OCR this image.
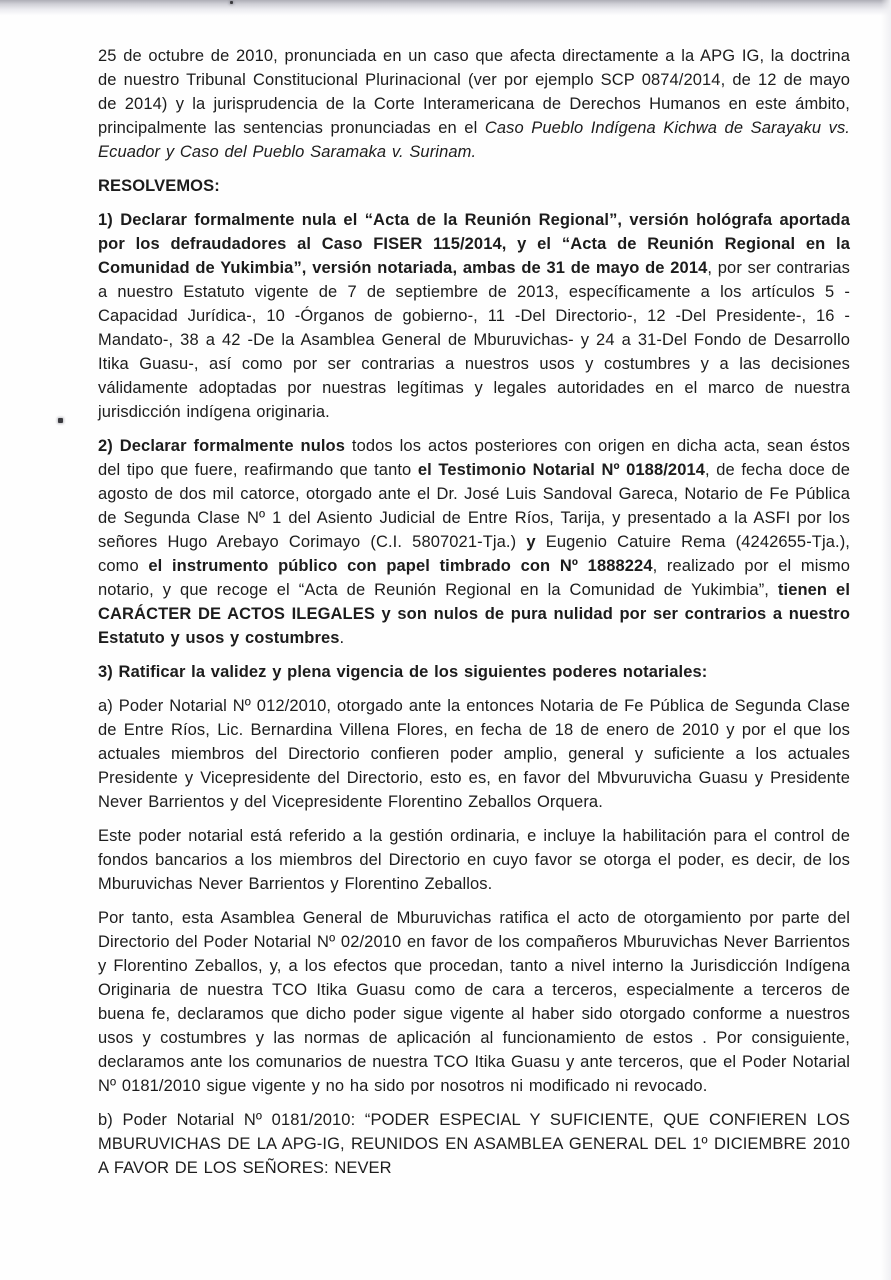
25 de octubre de 2010, pronunciada en un caso que afecta directamente a la APG IG, la doctrina de nuestro Tribunal Constitucional Plurinacional (ver por ejemplo SCP 0874/2014, de 12 de mayo de 2014) y la jurisprudencia de la Corte Interamericana de Derechos Humanos en este ámbito, principalmente las sentencias pronunciadas en el Caso Pueblo Indígena Kichwa de Sarayaku vs. Ecuador y Caso del Pueblo Saramaka v. Surinam.

RESOLVEMOS:

1) Declarar formalmente nula el “Acta de la Reunión Regional”, versión hológrafa aportada por los defraudadores al Caso FISER 115/2014, y el “Acta de Reunión Regional en la Comunidad de Yukimbia”, versión notariada, ambas de 31 de mayo de 2014, por ser contrarias a nuestro Estatuto vigente de 7 de septiembre de 2013, específicamente a los artículos 5 -Capacidad Jurídica-, 10 -Órganos de gobierno-, 11 -Del Directorio-, 12 -Del Presidente-, 16 -Mandato-, 38 a 42 -De la Asamblea General de Mburuvichas- y 24 a 31-Del Fondo de Desarrollo Itika Guasu-, así como por ser contrarias a nuestros usos y costumbres y a las decisiones válidamente adoptadas por nuestras legítimas y legales autoridades en el marco de nuestra jurisdicción indígena originaria.

2) Declarar formalmente nulos todos los actos posteriores con origen en dicha acta, sean éstos del tipo que fuere, reafirmando que tanto el Testimonio Notarial Nº 0188/2014, de fecha doce de agosto de dos mil catorce, otorgado ante el Dr. José Luis Sandoval Gareca, Notario de Fe Pública de Segunda Clase Nº 1 del Asiento Judicial de Entre Ríos, Tarija, y presentado a la ASFI por los señores Hugo Arebayo Corimayo (C.I. 5807021-Tja.) y Eugenio Catuire Rema (4242655-Tja.), como el instrumento público con papel timbrado con Nº 1888224, realizado por el mismo notario, y que recoge el “Acta de Reunión Regional en la Comunidad de Yukimbia”, tienen el CARÁCTER DE ACTOS ILEGALES y son nulos de pura nulidad por ser contrarios a nuestro Estatuto y usos y costumbres.

3) Ratificar la validez y plena vigencia de los siguientes poderes notariales:

a) Poder Notarial Nº 012/2010, otorgado ante la entonces Notaria de Fe Pública de Segunda Clase de Entre Ríos, Lic. Bernardina Villena Flores, en fecha de 18 de enero de 2010 y por el que los actuales miembros del Directorio confieren poder amplio, general y suficiente a los actuales Presidente y Vicepresidente del Directorio, esto es, en favor del Mbvuruvicha Guasu y Presidente Never Barrientos y del Vicepresidente Florentino Zeballos Orquera.

Este poder notarial está referido a la gestión ordinaria, e incluye la habilitación para el control de fondos bancarios a los miembros del Directorio en cuyo favor se otorga el poder, es decir, de los Mburuvichas Never Barrientos y Florentino Zeballos.

Por tanto, esta Asamblea General de Mburuvichas ratifica el acto de otorgamiento por parte del Directorio del Poder Notarial Nº 02/2010 en favor de los compañeros Mburuvichas Never Barrientos y Florentino Zeballos, y, a los efectos que procedan, tanto a nivel interno la Jurisdicción Indígena Originaria de nuestra TCO Itika Guasu como de cara a terceros, especialmente a terceros de buena fe, declaramos que dicho poder sigue vigente al haber sido otorgado conforme a nuestros usos y costumbres y las normas de aplicación al funcionamiento de estos . Por consiguiente, declaramos ante los comunarios de nuestra TCO Itika Guasu y ante terceros, que el Poder Notarial Nº 0181/2010 sigue vigente y no ha sido por nosotros ni modificado ni revocado.

b) Poder Notarial Nº 0181/2010: “PODER ESPECIAL Y SUFICIENTE, QUE CONFIEREN LOS MBURUVICHAS DE LA APG-IG, REUNIDOS EN ASAMBLEA GENERAL DEL 1º DICIEMBRE 2010 A FAVOR DE LOS SEÑORES: NEVER
